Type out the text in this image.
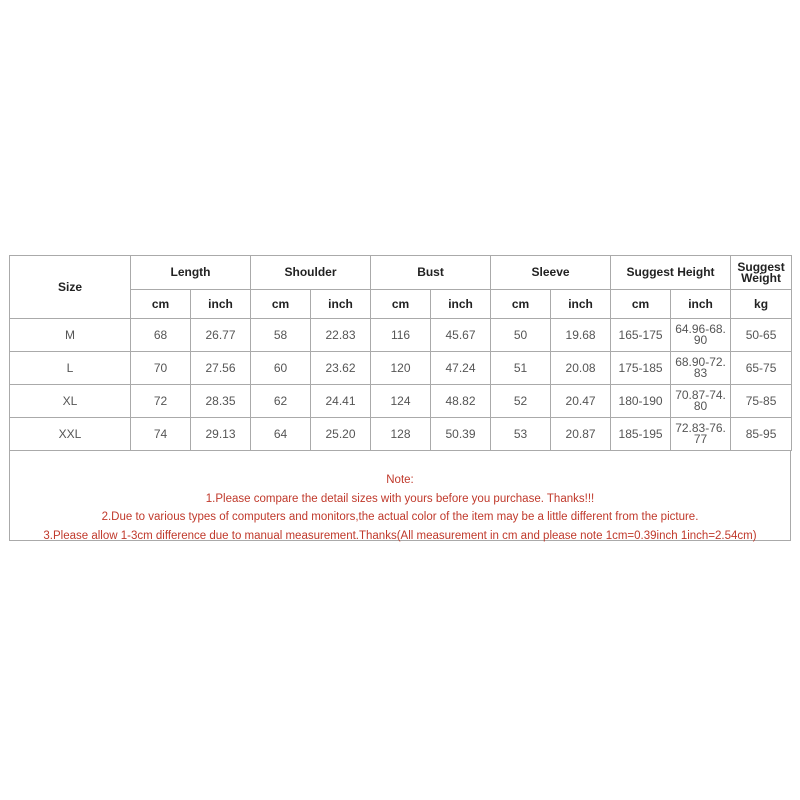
Size	Length		Shoulder		Bust		Sleeve		Suggest Height		Suggest Weight
	cm	inch	cm	inch	cm	inch	cm	inch	cm	inch	kg
M	68	26.77	58	22.83	116	45.67	50	19.68	165-175	64.96-68.90	50-65
L	70	27.56	60	23.62	120	47.24	51	20.08	175-185	68.90-72.83	65-75
XL	72	28.35	62	24.41	124	48.82	52	20.47	180-190	70.87-74.80	75-85
XXL	74	29.13	64	25.20	128	50.39	53	20.87	185-195	72.83-76.77	85-95
Note:
1.Please compare the detail sizes with yours before you purchase. Thanks!!!
2.Due to various types of computers and monitors,the actual color of the item may be a little different from the picture.
3.Please allow 1-3cm difference due to manual measurement.Thanks(All measurement in cm and please note 1cm=0.39inch 1inch=2.54cm)
